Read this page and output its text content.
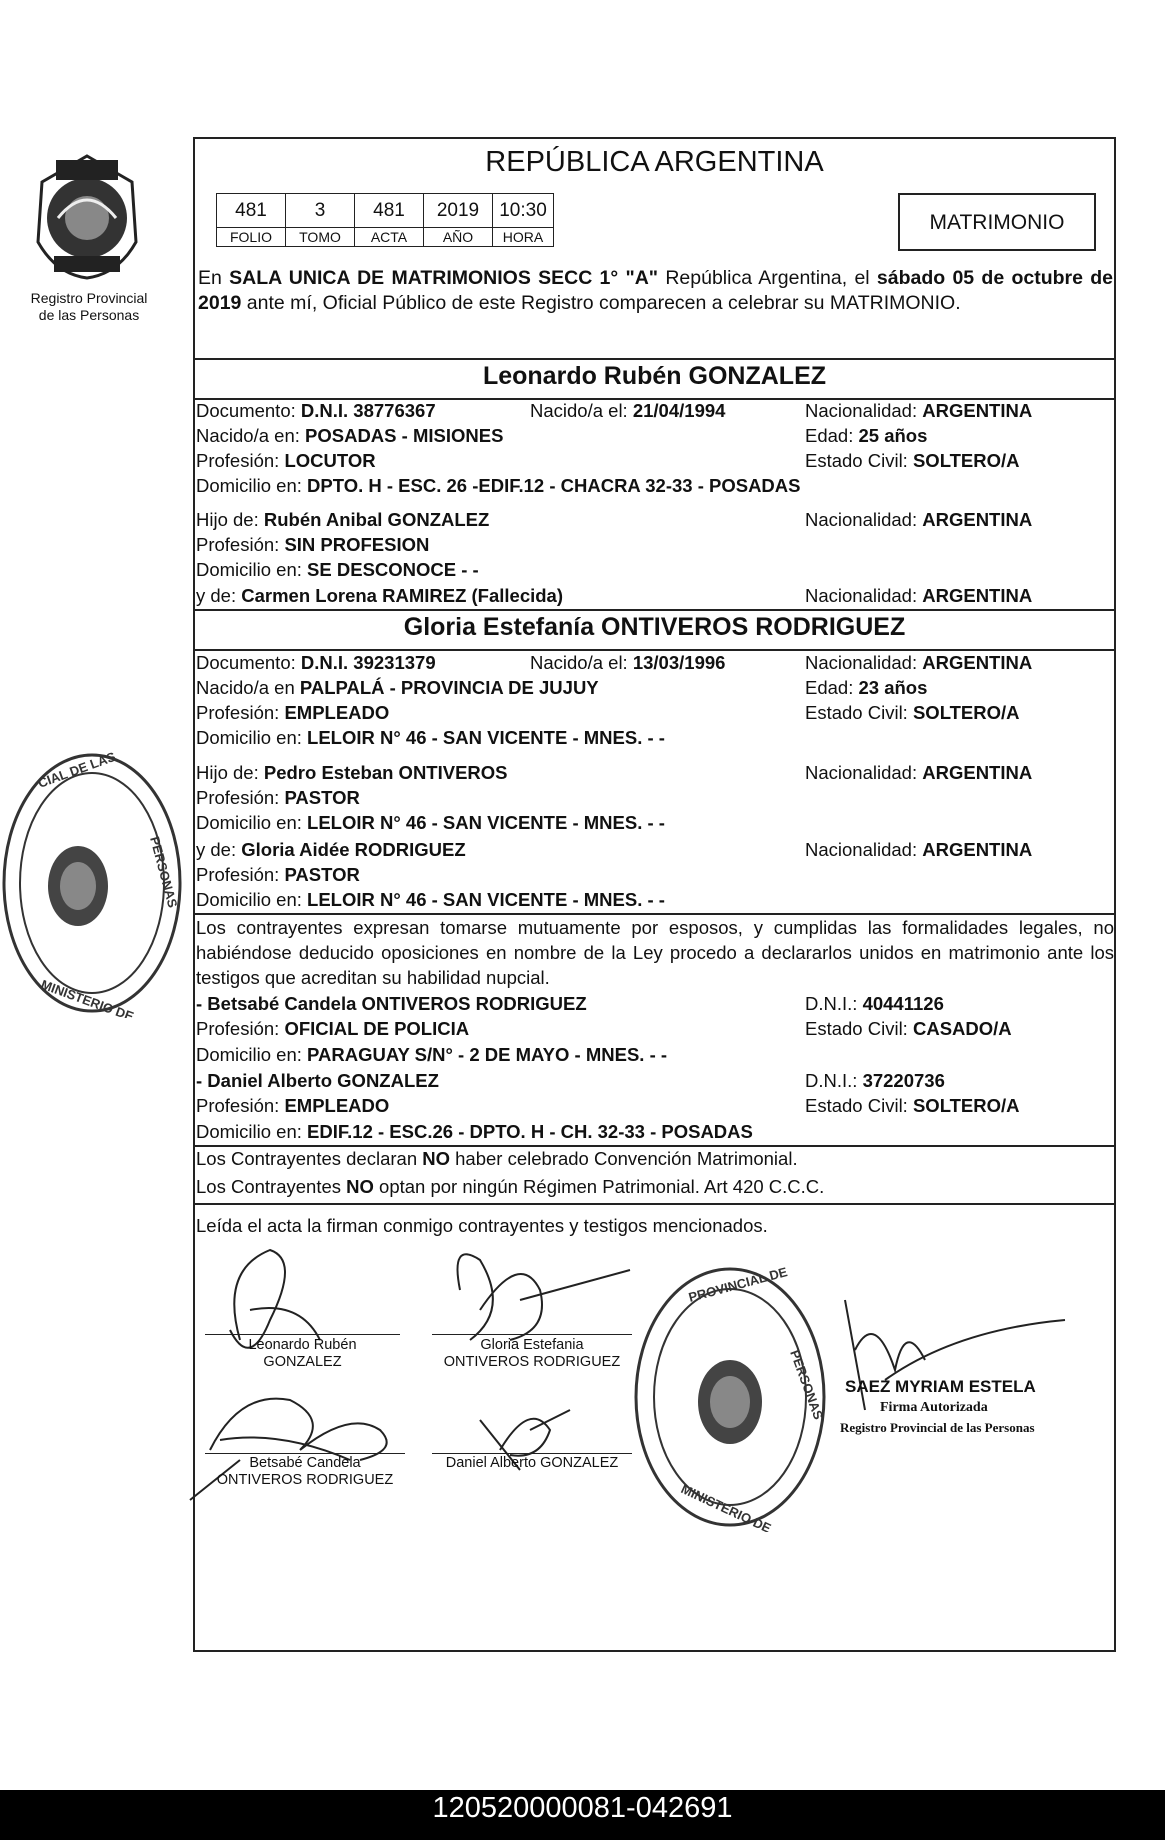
Registro Provincial
de las Personas
CIAL DE LAS
PERSONAS
MINISTERIO DE
REPÚBLICA ARGENTINA
481	3	481	2019	10:30
FOLIO	TOMO	ACTA	AÑO	HORA
MATRIMONIO
En SALA UNICA DE MATRIMONIOS SECC 1° "A" República Argentina, el sábado 05 de octubre de 2019 ante mí, Oficial Público de este Registro comparecen a celebrar su MATRIMONIO.
Leonardo Rubén GONZALEZ
Documento: D.N.I. 38776367	Nacido/a el: 21/04/1994	Nacionalidad: ARGENTINA
Nacido/a en: POSADAS - MISIONES	Edad: 25 años
Profesión: LOCUTOR	Estado Civil: SOLTERO/A
Domicilio en: DPTO. H - ESC. 26 -EDIF.12 - CHACRA 32-33 - POSADAS
Hijo de: Rubén Anibal GONZALEZ	Nacionalidad: ARGENTINA
Profesión: SIN PROFESION
Domicilio en: SE DESCONOCE - -
y de: Carmen Lorena RAMIREZ (Fallecida)	Nacionalidad: ARGENTINA
Gloria Estefanía ONTIVEROS RODRIGUEZ
Documento: D.N.I. 39231379	Nacido/a el: 13/03/1996	Nacionalidad: ARGENTINA
Nacido/a en PALPALÁ - PROVINCIA DE JUJUY	Edad: 23 años
Profesión: EMPLEADO	Estado Civil: SOLTERO/A
Domicilio en: LELOIR N° 46 - SAN VICENTE - MNES. - -
Hijo de: Pedro Esteban ONTIVEROS	Nacionalidad: ARGENTINA
Profesión: PASTOR
Domicilio en: LELOIR N° 46 - SAN VICENTE - MNES. - -
y de: Gloria Aidée RODRIGUEZ	Nacionalidad: ARGENTINA
Profesión: PASTOR
Domicilio en: LELOIR N° 46 - SAN VICENTE - MNES. - -
Los contrayentes expresan tomarse mutuamente por esposos, y cumplidas las formalidades legales, no habiéndose deducido oposiciones en nombre de la Ley procedo a declararlos unidos en matrimonio ante los testigos que acreditan su habilidad nupcial.
- Betsabé Candela ONTIVEROS RODRIGUEZ	D.N.I.: 40441126
Profesión: OFICIAL DE POLICIA	Estado Civil: CASADO/A
Domicilio en: PARAGUAY S/N° - 2 DE MAYO - MNES. - -
- Daniel Alberto GONZALEZ	D.N.I.: 37220736
Profesión: EMPLEADO	Estado Civil: SOLTERO/A
Domicilio en: EDIF.12 - ESC.26 - DPTO. H - CH. 32-33 - POSADAS
Los Contrayentes declaran NO haber celebrado Convención Matrimonial.
Los Contrayentes NO optan por ningún Régimen Patrimonial. Art 420 C.C.C.
Leída el acta la firman conmigo contrayentes y testigos mencionados.
Leonardo Rubén
GONZALEZ
Gloria Estefania
ONTIVEROS RODRIGUEZ
Betsabé Candela
ONTIVEROS RODRIGUEZ
Daniel Alberto GONZALEZ
PROVINCIAL DE
PERSONAS
MINISTERIO DE
SAEZ MYRIAM ESTELA
Firma Autorizada
Registro Provincial de las Personas
120520000081-042691
